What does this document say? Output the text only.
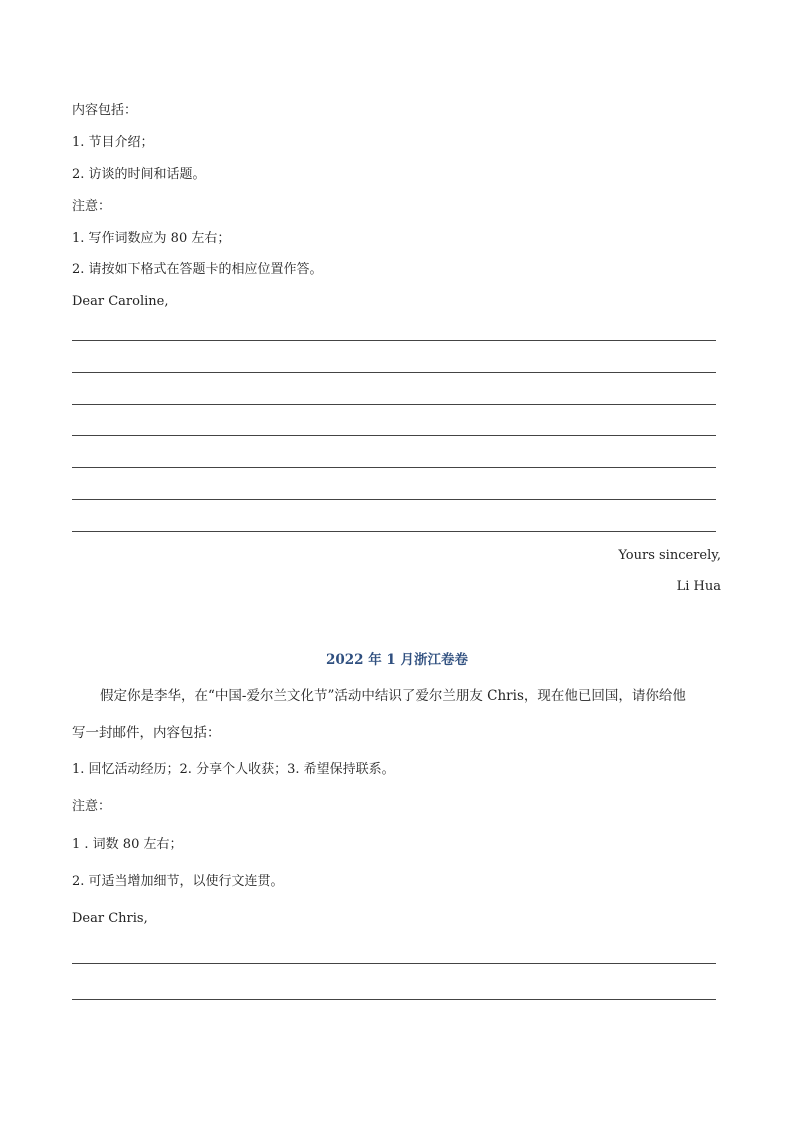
内容包括：
1. 节目介绍；
2. 访谈的时间和话题。
注意：
1. 写作词数应为 80 左右；
2. 请按如下格式在答题卡的相应位置作答。
Dear Caroline,
Yours sincerely,
Li Hua
2022 年 1 月浙江卷卷
假定你是李华，在“中国-爱尔兰文化节”活动中结识了爱尔兰朋友 Chris，现在他已回国，请你给他
写一封邮件，内容包括：
1. 回忆活动经历；2. 分享个人收获；3. 希望保持联系。
注意：
1 . 词数 80 左右；
2. 可适当增加细节，以使行文连贯。
Dear Chris,
